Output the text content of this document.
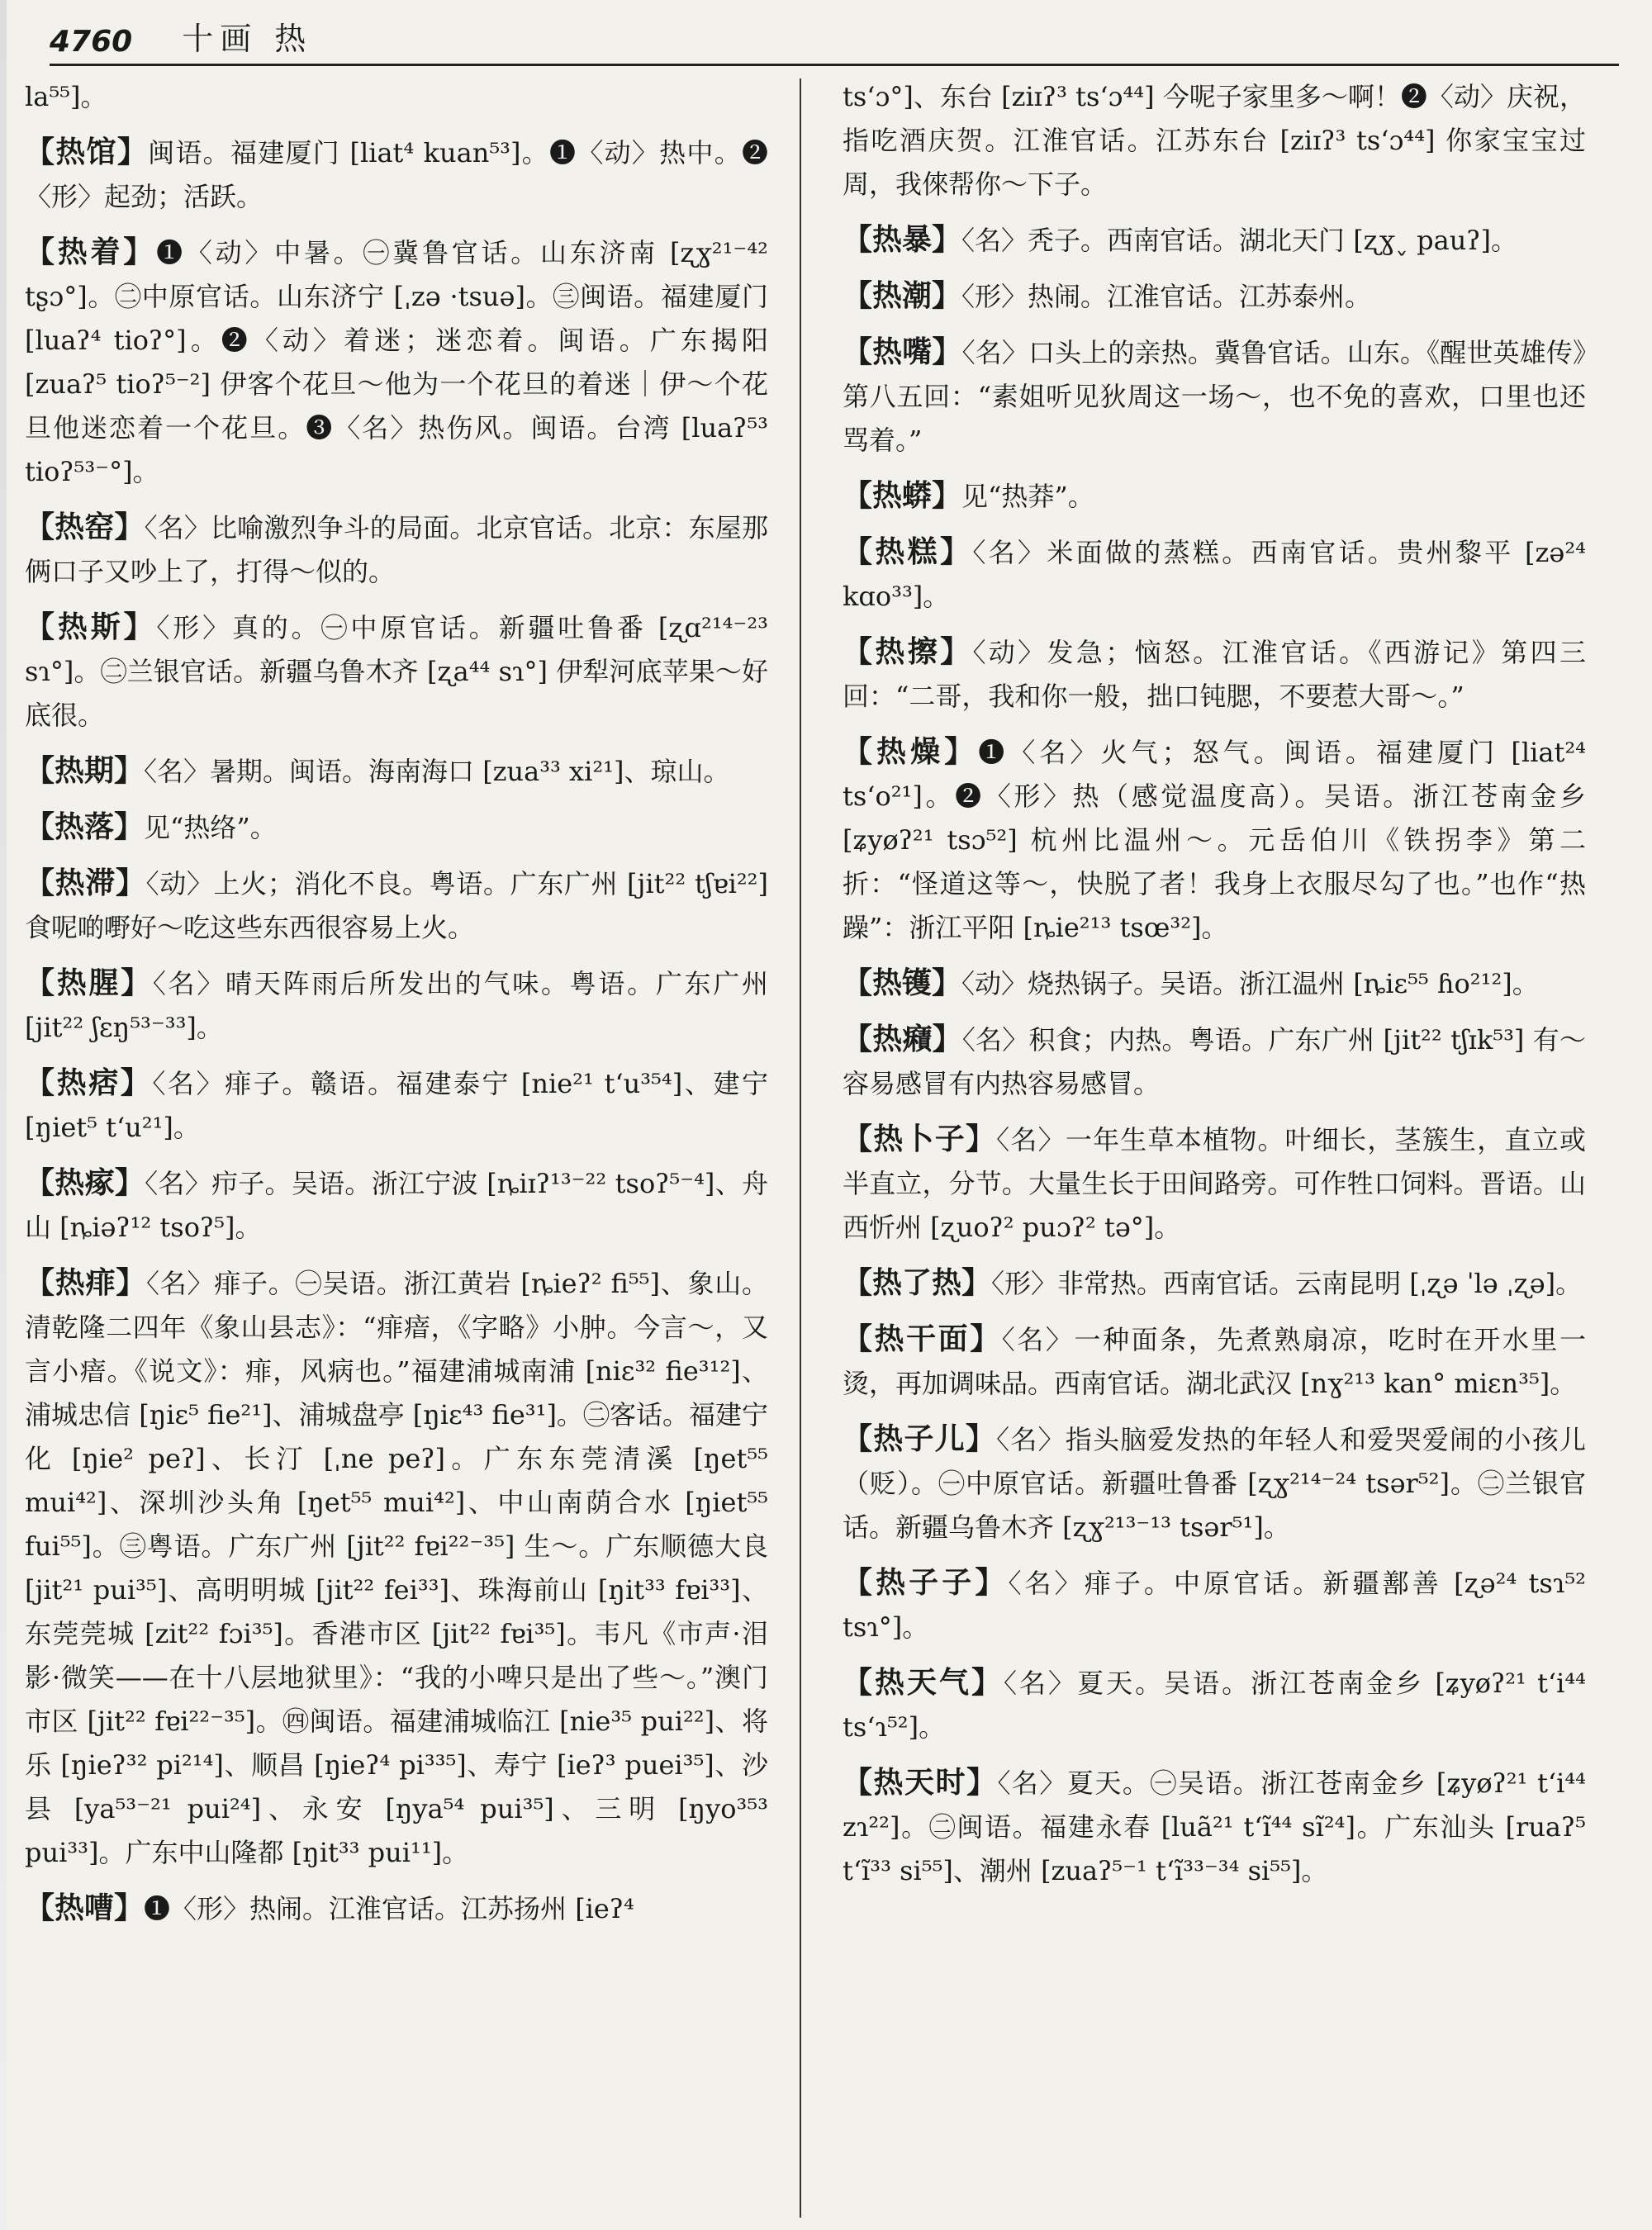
4760 十画 热

la⁵⁵]。

【热馆】闽语。福建厦门 [liat⁴ kuan⁵³]。❶〈动〉热中。❷〈形〉起劲；活跃。

【热着】❶〈动〉中暑。㊀冀鲁官话。山东济南 [ʐɣ²¹⁻⁴² tʂɔ°]。㊁中原官话。山东济宁 [ˌzə ·tsuə]。㊂闽语。福建厦门 [luaʔ⁴ tioʔ°]。❷〈动〉着迷；迷恋着。闽语。广东揭阳 [zuaʔ⁵ tioʔ⁵⁻²] 伊客个花旦～他为一个花旦的着迷｜伊～个花旦他迷恋着一个花旦。❸〈名〉热伤风。闽语。台湾 [luaʔ⁵³ tioʔ⁵³⁻°]。

【热窑】〈名〉比喻激烈争斗的局面。北京官话。北京：东屋那俩口子又吵上了，打得～似的。

【热斯】〈形〉真的。㊀中原官话。新疆吐鲁番 [ʐɑ²¹⁴⁻²³ sɿ°]。㊁兰银官话。新疆乌鲁木齐 [ʐa⁴⁴ sɿ°] 伊犁河底苹果～好底很。

【热期】〈名〉暑期。闽语。海南海口 [zua³³ xi²¹]、琼山。

【热落】见“热络”。

【热滞】〈动〉上火；消化不良。粤语。广东广州 [jit²² tʃɐi²²] 食呢啲嘢好～吃这些东西很容易上火。

【热腥】〈名〉晴天阵雨后所发出的气味。粤语。广东广州 [jit²² ʃɛŋ⁵³⁻³³]。

【热痞】〈名〉痱子。赣语。福建泰宁 [nie²¹ t‘u³⁵⁴]、建宁 [ŋiet⁵ t‘u²¹]。

【热瘃】〈名〉疖子。吴语。浙江宁波 [ȵiɪʔ¹³⁻²² tsoʔ⁵⁻⁴]、舟山 [ȵiəʔ¹² tsoʔ⁵]。

【热痱】〈名〉痱子。㊀吴语。浙江黄岩 [ȵieʔ² fi⁵⁵]、象山。清乾隆二四年《象山县志》：“痱瘖，《字略》小肿。今言～，又言小瘖。《说文》：痱，风病也。”福建浦城南浦 [niɛ³² fie³¹²]、浦城忠信 [ŋiɛ⁵ fie²¹]、浦城盘亭 [ŋiɛ⁴³ fie³¹]。㊁客话。福建宁化 [ŋie² peʔ]、长汀 [ˌne peʔ]。广东东莞清溪 [ŋet⁵⁵ mui⁴²]、深圳沙头角 [ŋet⁵⁵ mui⁴²]、中山南荫合水 [ŋiet⁵⁵ fui⁵⁵]。㊂粤语。广东广州 [jit²² fɐi²²⁻³⁵] 生～。广东顺德大良 [jit²¹ pui³⁵]、高明明城 [jit²² fei³³]、珠海前山 [ŋit³³ fɐi³³]、东莞莞城 [zit²² fɔi³⁵]。香港市区 [jit²² fɐi³⁵]。韦凡《市声·泪影·微笑——在十八层地狱里》：“我的小啤只是出了些～。”澳门市区 [jit²² fɐi²²⁻³⁵]。㊃闽语。福建浦城临江 [nie³⁵ pui²²]、将乐 [ŋieʔ³² pi²¹⁴]、顺昌 [ŋieʔ⁴ pi³³⁵]、寿宁 [ieʔ³ puei³⁵]、沙县 [ya⁵³⁻²¹ pui²⁴]、永安 [ŋya⁵⁴ pui³⁵]、三明 [ŋyo³⁵³ pui³³]。广东中山隆都 [ŋit³³ pui¹¹]。

【热嘈】❶〈形〉热闹。江淮官话。江苏扬州 [ieʔ⁴

ts‘ɔ°]、东台 [ziɪʔ³ ts‘ɔ⁴⁴] 今呢子家里多～啊！❷〈动〉庆祝，指吃酒庆贺。江淮官话。江苏东台 [ziɪʔ³ ts‘ɔ⁴⁴] 你家宝宝过周，我倈帮你～下子。

【热暴】〈名〉秃子。西南官话。湖北天门 [ʐɣ˯ pauʔ]。

【热潮】〈形〉热闹。江淮官话。江苏泰州。

【热嘴】〈名〉口头上的亲热。冀鲁官话。山东。《醒世英雄传》第八五回：“素姐听见狄周这一场～，也不免的喜欢，口里也还骂着。”

【热蟒】见“热莽”。

【热糕】〈名〉米面做的蒸糕。西南官话。贵州黎平 [zə²⁴ kɑo³³]。

【热擦】〈动〉发急；恼怒。江淮官话。《西游记》第四三回：“二哥，我和你一般，拙口钝腮，不要惹大哥～。”

【热燥】❶〈名〉火气；怒气。闽语。福建厦门 [liat²⁴ ts‘o²¹]。❷〈形〉热（感觉温度高）。吴语。浙江苍南金乡 [ʑyøʔ²¹ tsɔ⁵²] 杭州比温州～。元岳伯川《铁拐李》第二折：“怪道这等～，快脱了者！我身上衣服尽勾了也。”也作“热躁”：浙江平阳 [ȵie²¹³ tsœ³²]。

【热镬】〈动〉烧热锅子。吴语。浙江温州 [ȵiɛ⁵⁵ ɦo²¹²]。

【热癪】〈名〉积食；内热。粤语。广东广州 [jit²² tʃɪk⁵³] 有～容易感冒有内热容易感冒。

【热卜子】〈名〉一年生草本植物。叶细长，茎簇生，直立或半直立，分节。大量生长于田间路旁。可作牲口饲料。晋语。山西忻州 [ʐuoʔ² puɔʔ² tə°]。

【热了热】〈形〉非常热。西南官话。云南昆明 [ˌʐə ˈlə ˌʐə]。

【热干面】〈名〉一种面条，先煮熟扇凉，吃时在开水里一烫，再加调味品。西南官话。湖北武汉 [nɣ²¹³ kan° miɛn³⁵]。

【热子儿】〈名〉指头脑爱发热的年轻人和爱哭爱闹的小孩儿（贬）。㊀中原官话。新疆吐鲁番 [ʐɣ²¹⁴⁻²⁴ tsər⁵²]。㊁兰银官话。新疆乌鲁木齐 [ʐɣ²¹³⁻¹³ tsər⁵¹]。

【热子子】〈名〉痱子。中原官话。新疆鄯善 [ʐə²⁴ tsɿ⁵² tsɿ°]。

【热天气】〈名〉夏天。吴语。浙江苍南金乡 [ʑyøʔ²¹ t‘i⁴⁴ ts‘ɿ⁵²]。

【热天时】〈名〉夏天。㊀吴语。浙江苍南金乡 [ʑyøʔ²¹ t‘i⁴⁴ zɿ²²]。㊁闽语。福建永春 [luã²¹ t‘ĩ⁴⁴ sĩ²⁴]。广东汕头 [ruaʔ⁵ t‘ĩ³³ si⁵⁵]、潮州 [zuaʔ⁵⁻¹ t‘ĩ³³⁻³⁴ si⁵⁵]。
